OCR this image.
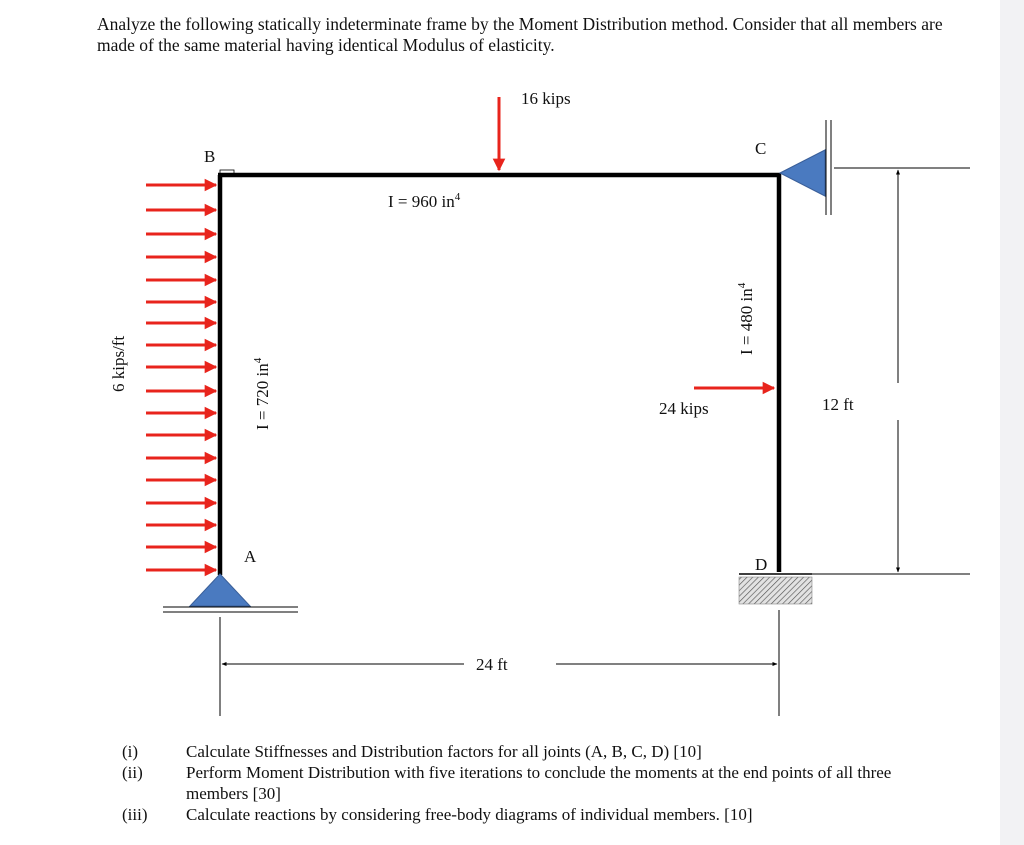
Analyze the following statically indeterminate frame by the Moment Distribution method. Consider that all members are made of the same material having identical Modulus of elasticity.

B	C
A	D
16 kips
24 kips
6 kips/ft
I = 960 $in^4$
I = 720 $in^4$
I = 480 $in^4$
24 ft
12 ft
(i)	Calculate Stiffnesses and Distribution factors for all joints (A, B, C, D) [10]
(ii)	Perform Moment Distribution with five iterations to conclude the moments at the end points of all three members [30]
(iii)	Calculate reactions by considering free-body diagrams of individual members. [10]
